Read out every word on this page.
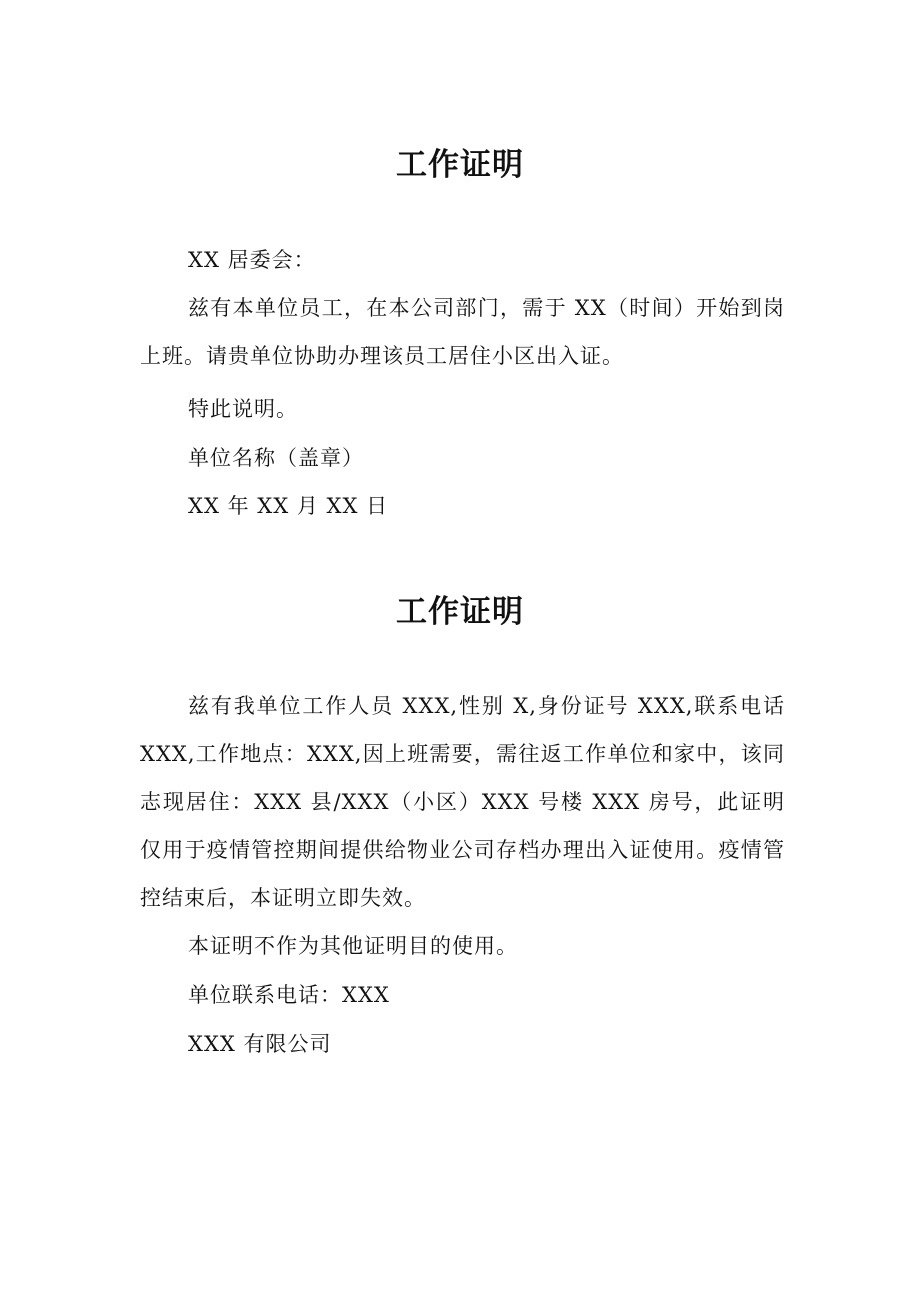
工作证明

XX 居委会：

兹有本单位员工，在本公司部门，需于 XX（时间）开始到岗上班。请贵单位协助办理该员工居住小区出入证。

特此说明。

单位名称（盖章）

XX 年 XX 月 XX 日

工作证明

兹有我单位工作人员 XXX,性别 X,身份证号 XXX,联系电话 XXX,工作地点：XXX,因上班需要，需往返工作单位和家中，该同志现居住：XXX 县/XXX（小区）XXX 号楼 XXX 房号，此证明仅用于疫情管控期间提供给物业公司存档办理出入证使用。疫情管控结束后，本证明立即失效。

本证明不作为其他证明目的使用。

单位联系电话：XXX

XXX 有限公司
